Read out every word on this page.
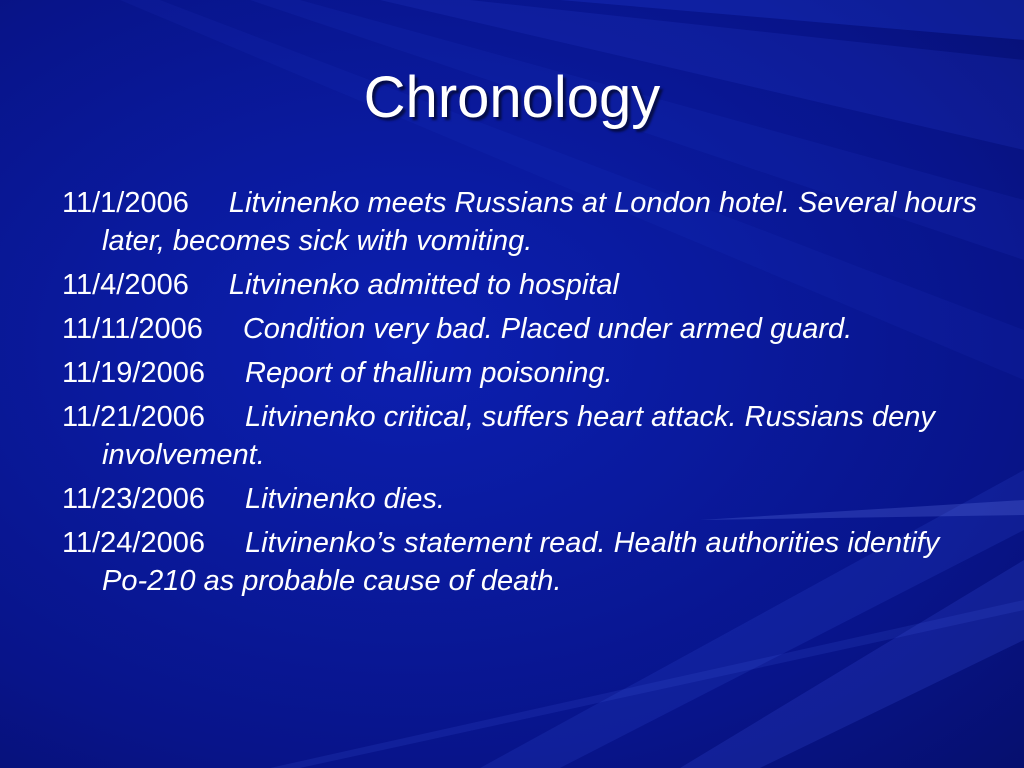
Chronology
11/1/2006 Litvinenko meets Russians at London hotel. Several hours later, becomes sick with vomiting.
11/4/2006 Litvinenko admitted to hospital
11/11/2006 Condition very bad. Placed under armed guard.
11/19/2006 Report of thallium poisoning.
11/21/2006 Litvinenko critical, suffers heart attack. Russians deny involvement.
11/23/2006 Litvinenko dies.
11/24/2006 Litvinenko’s statement read. Health authorities identify Po-210 as probable cause of death.
